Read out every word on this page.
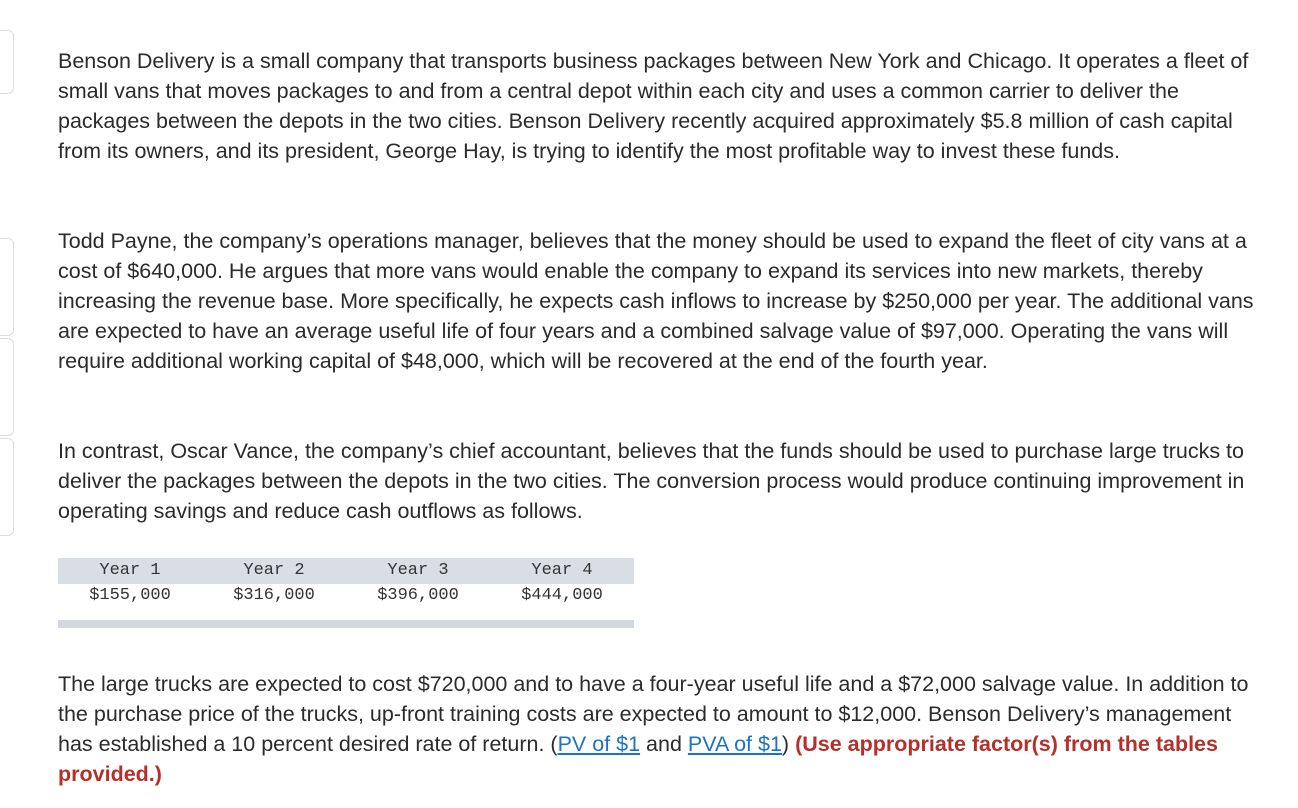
Benson Delivery is a small company that transports business packages between New York and Chicago. It operates a fleet of small vans that moves packages to and from a central depot within each city and uses a common carrier to deliver the packages between the depots in the two cities. Benson Delivery recently acquired approximately $5.8 million of cash capital from its owners, and its president, George Hay, is trying to identify the most profitable way to invest these funds.

Todd Payne, the company’s operations manager, believes that the money should be used to expand the fleet of city vans at a cost of $640,000. He argues that more vans would enable the company to expand its services into new markets, thereby increasing the revenue base. More specifically, he expects cash inflows to increase by $250,000 per year. The additional vans are expected to have an average useful life of four years and a combined salvage value of $97,000. Operating the vans will require additional working capital of $48,000, which will be recovered at the end of the fourth year.

In contrast, Oscar Vance, the company’s chief accountant, believes that the funds should be used to purchase large trucks to deliver the packages between the depots in the two cities. The conversion process would produce continuing improvement in operating savings and reduce cash outflows as follows.

Year 1	Year 2	Year 3	Year 4
$155,000	$316,000	$396,000	$444,000

The large trucks are expected to cost $720,000 and to have a four-year useful life and a $72,000 salvage value. In addition to the purchase price of the trucks, up-front training costs are expected to amount to $12,000. Benson Delivery’s management has established a 10 percent desired rate of return. (PV of $1 and PVA of $1) (Use appropriate factor(s) from the tables provided.)
